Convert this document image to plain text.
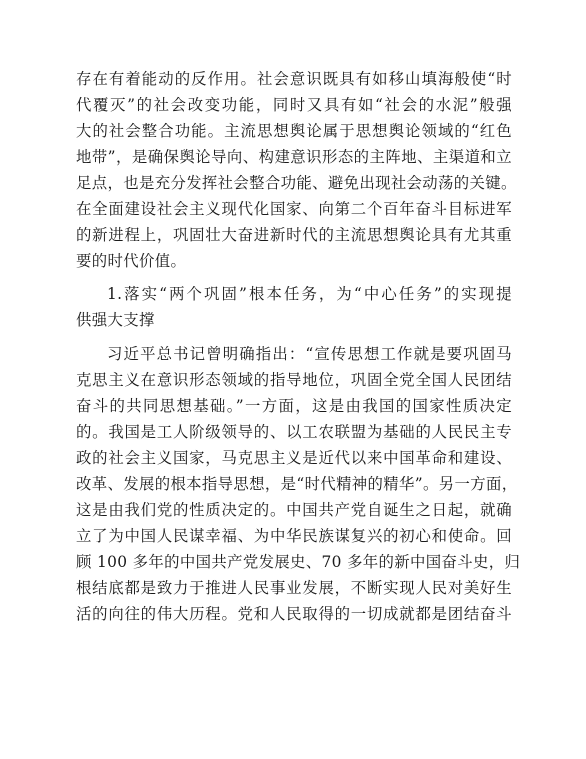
存在有着能动的反作用。社会意识既具有如移山填海般使“时
代覆灭”的社会改变功能，同时又具有如“社会的水泥”般强
大的社会整合功能。主流思想舆论属于思想舆论领域的“红色
地带”，是确保舆论导向、构建意识形态的主阵地、主渠道和立
足点，也是充分发挥社会整合功能、避免出现社会动荡的关键。
在全面建设社会主义现代化国家、向第二个百年奋斗目标进军
的新进程上，巩固壮大奋进新时代的主流思想舆论具有尤其重
要的时代价值。
1.落实“两个巩固”根本任务，为“中心任务”的实现提
供强大支撑
习近平总书记曾明确指出：“宣传思想工作就是要巩固马
克思主义在意识形态领域的指导地位，巩固全党全国人民团结
奋斗的共同思想基础。”一方面，这是由我国的国家性质决定
的。我国是工人阶级领导的、以工农联盟为基础的人民民主专
政的社会主义国家，马克思主义是近代以来中国革命和建设、
改革、发展的根本指导思想，是“时代精神的精华”。另一方面，
这是由我们党的性质决定的。中国共产党自诞生之日起，就确
立了为中国人民谋幸福、为中华民族谋复兴的初心和使命。回
顾 100 多年的中国共产党发展史、70 多年的新中国奋斗史，归
根结底都是致力于推进人民事业发展，不断实现人民对美好生
活的向往的伟大历程。党和人民取得的一切成就都是团结奋斗
